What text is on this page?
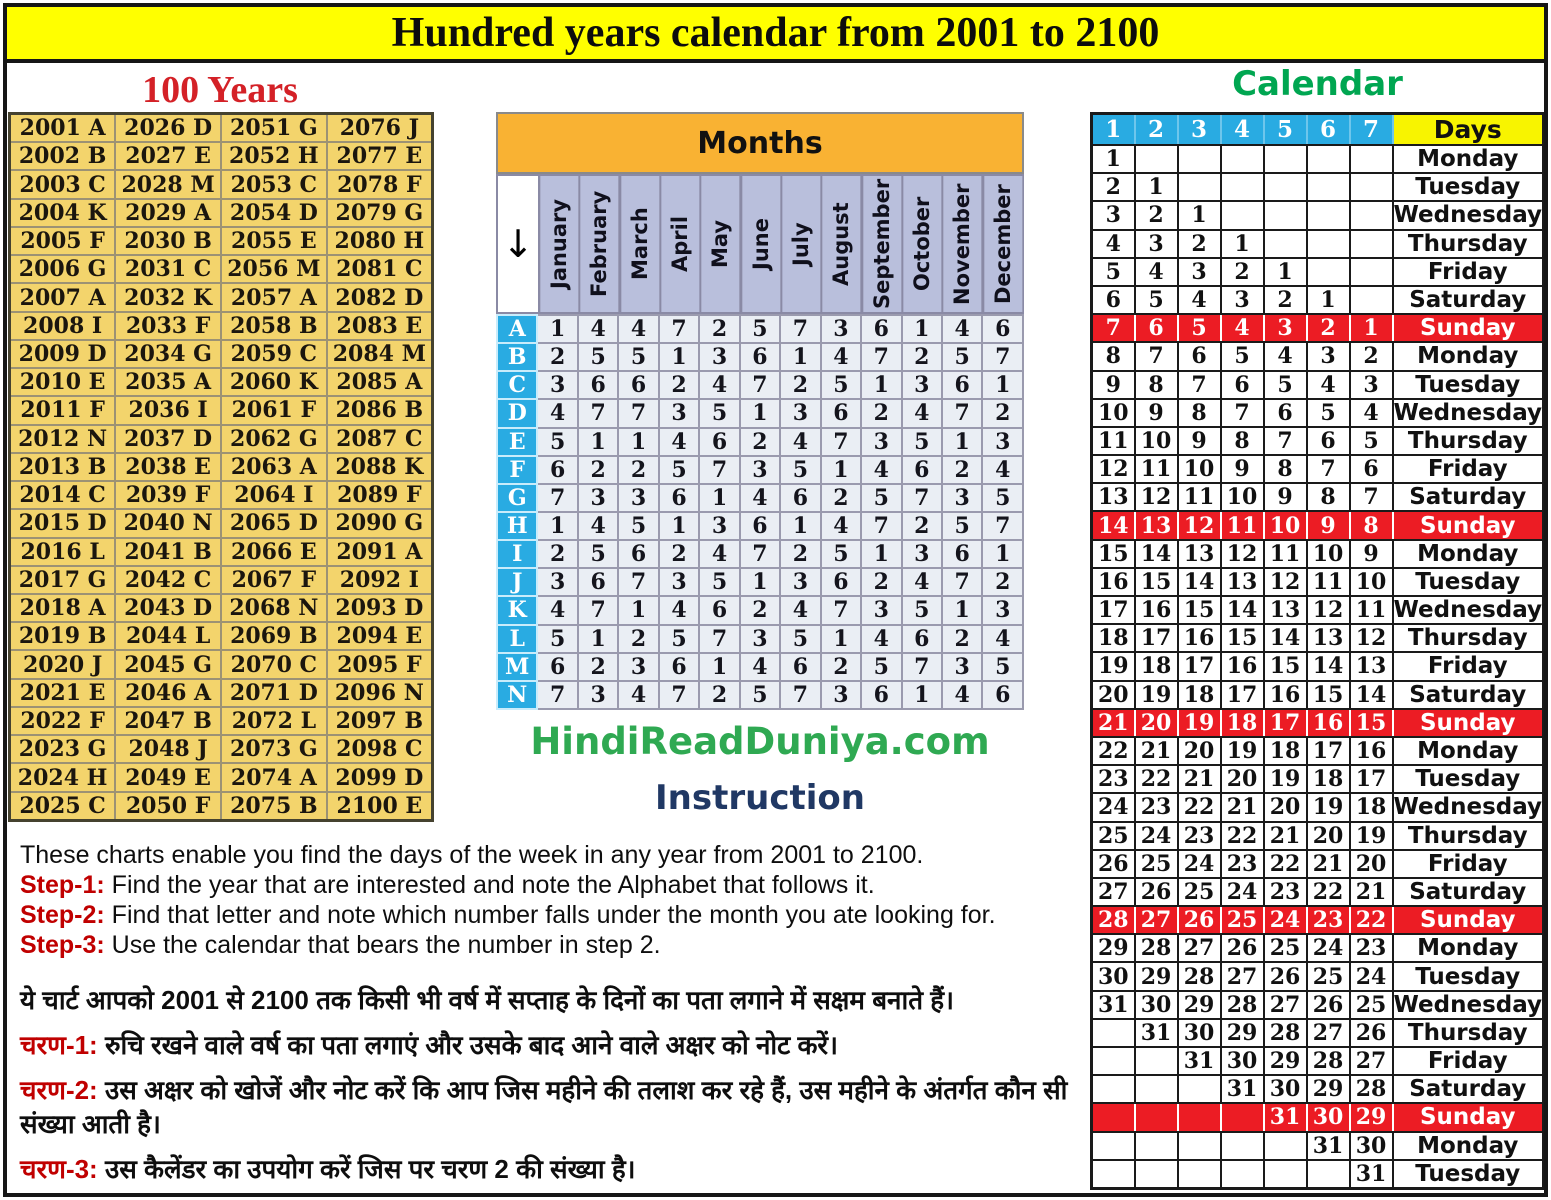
Hundred years calendar from 2001 to 2100
100 Years
2001 A	2026 D	2051 G	2076 J
2002 B	2027 E	2052 H	2077 E
2003 C	2028 M	2053 C	2078 F
2004 K	2029 A	2054 D	2079 G
2005 F	2030 B	2055 E	2080 H
2006 G	2031 C	2056 M	2081 C
2007 A	2032 K	2057 A	2082 D
2008 I	2033 F	2058 B	2083 E
2009 D	2034 G	2059 C	2084 M
2010 E	2035 A	2060 K	2085 A
2011 F	2036 I	2061 F	2086 B
2012 N	2037 D	2062 G	2087 C
2013 B	2038 E	2063 A	2088 K
2014 C	2039 F	2064 I	2089 F
2015 D	2040 N	2065 D	2090 G
2016 L	2041 B	2066 E	2091 A
2017 G	2042 C	2067 F	2092 I
2018 A	2043 D	2068 N	2093 D
2019 B	2044 L	2069 B	2094 E
2020 J	2045 G	2070 C	2095 F
2021 E	2046 A	2071 D	2096 N
2022 F	2047 B	2072 L	2097 B
2023 G	2048 J	2073 G	2098 C
2024 H	2049 E	2074 A	2099 D
2025 C	2050 F	2075 B	2100 E
Months
↓ January February March April May June July August September October November December
A	1	4	4	7	2	5	7	3	6	1	4	6
B	2	5	5	1	3	6	1	4	7	2	5	7
C	3	6	6	2	4	7	2	5	1	3	6	1
D	4	7	7	3	5	1	3	6	2	4	7	2
E	5	1	1	4	6	2	4	7	3	5	1	3
F	6	2	2	5	7	3	5	1	4	6	2	4
G	7	3	3	6	1	4	6	2	5	7	3	5
H	1	4	5	1	3	6	1	4	7	2	5	7
I	2	5	6	2	4	7	2	5	1	3	6	1
J	3	6	7	3	5	1	3	6	2	4	7	2
K	4	7	1	4	6	2	4	7	3	5	1	3
L	5	1	2	5	7	3	5	1	4	6	2	4
M	6	2	3	6	1	4	6	2	5	7	3	5
N	7	3	4	7	2	5	7	3	6	1	4	6
HindiReadDuniya.com
Instruction
These charts enable you find the days of the week in any year from 2001 to 2100.
Step-1: Find the year that are interested and note the Alphabet that follows it.
Step-2: Find that letter and note which number falls under the month you ate looking for.
Step-3: Use the calendar that bears the number in step 2.
ये चार्ट आपको 2001 से 2100 तक किसी भी वर्ष में सप्ताह के दिनों का पता लगाने में सक्षम बनाते हैं।
चरण-1: रुचि रखने वाले वर्ष का पता लगाएं और उसके बाद आने वाले अक्षर को नोट करें।
चरण-2: उस अक्षर को खोजें और नोट करें कि आप जिस महीने की तलाश कर रहे हैं, उस महीने के अंतर्गत कौन सी संख्या आती है।
चरण-3: उस कैलेंडर का उपयोग करें जिस पर चरण 2 की संख्या है।
Calendar
1	2	3	4	5	6	7	Days
1							Monday
2	1						Tuesday
3	2	1					Wednesday
4	3	2	1				Thursday
5	4	3	2	1			Friday
6	5	4	3	2	1		Saturday
7	6	5	4	3	2	1	Sunday
8	7	6	5	4	3	2	Monday
9	8	7	6	5	4	3	Tuesday
10	9	8	7	6	5	4	Wednesday
11	10	9	8	7	6	5	Thursday
12	11	10	9	8	7	6	Friday
13	12	11	10	9	8	7	Saturday
14	13	12	11	10	9	8	Sunday
15	14	13	12	11	10	9	Monday
16	15	14	13	12	11	10	Tuesday
17	16	15	14	13	12	11	Wednesday
18	17	16	15	14	13	12	Thursday
19	18	17	16	15	14	13	Friday
20	19	18	17	16	15	14	Saturday
21	20	19	18	17	16	15	Sunday
22	21	20	19	18	17	16	Monday
23	22	21	20	19	18	17	Tuesday
24	23	22	21	20	19	18	Wednesday
25	24	23	22	21	20	19	Thursday
26	25	24	23	22	21	20	Friday
27	26	25	24	23	22	21	Saturday
28	27	26	25	24	23	22	Sunday
29	28	27	26	25	24	23	Monday
30	29	28	27	26	25	24	Tuesday
31	30	29	28	27	26	25	Wednesday
	31	30	29	28	27	26	Thursday
		31	30	29	28	27	Friday
			31	30	29	28	Saturday
				31	30	29	Sunday
					31	30	Monday
						31	Tuesday
